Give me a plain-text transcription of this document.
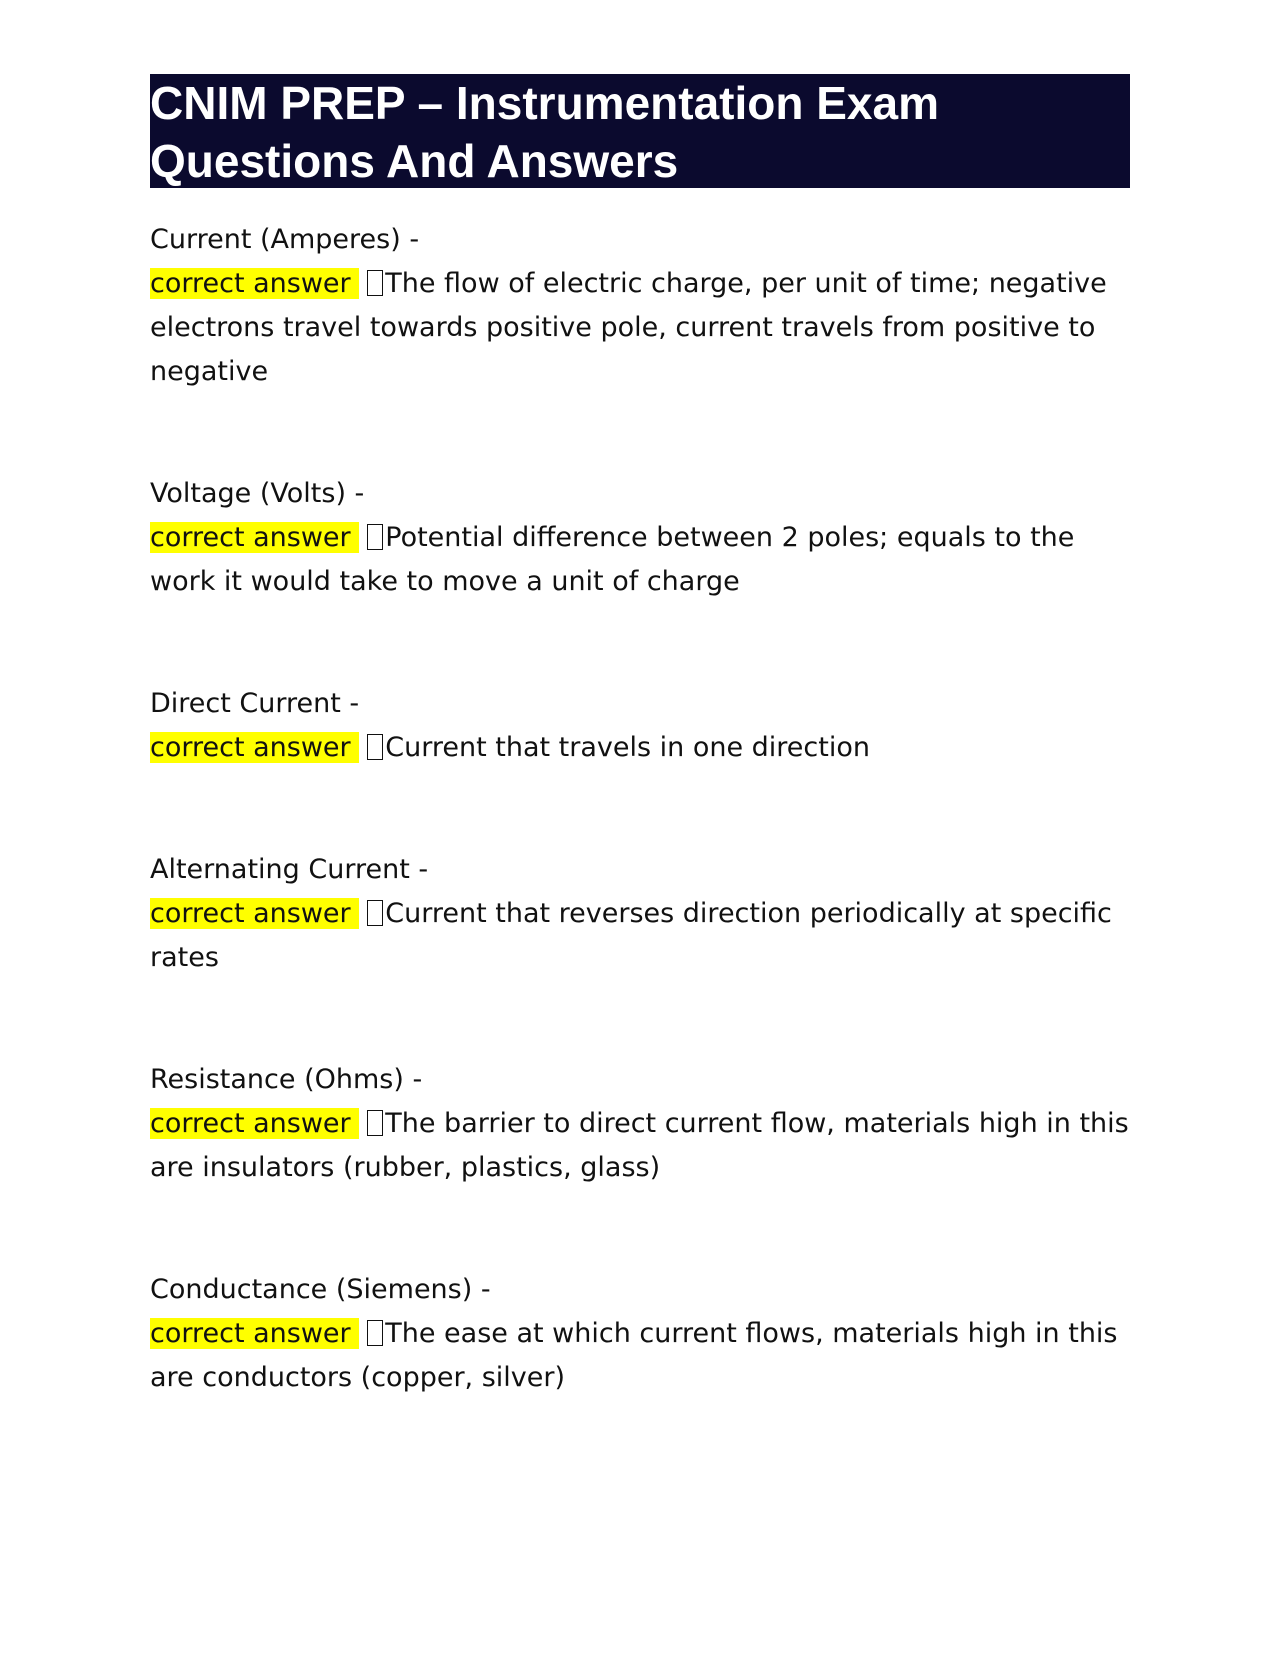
CNIM PREP – Instrumentation Exam
Questions And Answers
Current (Amperes) -
correct answer The flow of electric charge, per unit of time; negative electrons travel towards positive pole, current travels from positive to negative
Voltage (Volts) -
correct answer Potential difference between 2 poles; equals to the work it would take to move a unit of charge
Direct Current -
correct answer Current that travels in one direction
Alternating Current -
correct answer Current that reverses direction periodically at specific rates
Resistance (Ohms) -
correct answer The barrier to direct current flow, materials high in this are insulators (rubber, plastics, glass)
Conductance (Siemens) -
correct answer The ease at which current flows, materials high in this are conductors (copper, silver)
